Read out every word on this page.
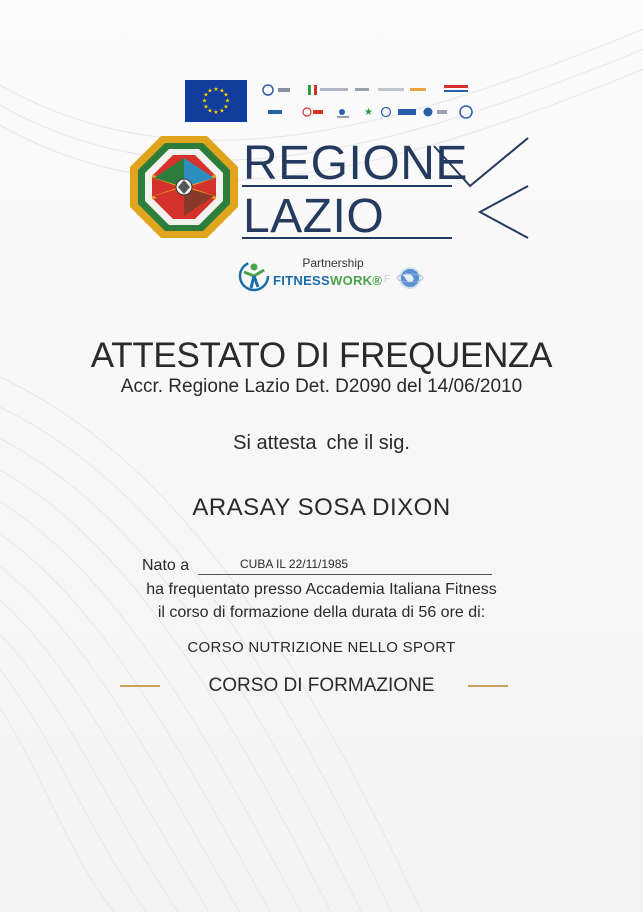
★ ★
★
★
★
★
★
★
★
★
★
★
★
REGIONE
LAZIO
Partnership
FITNESSWORK® F
ATTESTATO DI FREQUENZA
Accr. Regione Lazio Det. D2090 del 14/06/2010
Si attesta che il sig.
ARASAY SOSA DIXON
Nato a	CUBA IL 22/11/1985
ha frequentato presso Accademia Italiana Fitness
il corso di formazione della durata di 56 ore di:
CORSO NUTRIZIONE NELLO SPORT
CORSO DI FORMAZIONE
